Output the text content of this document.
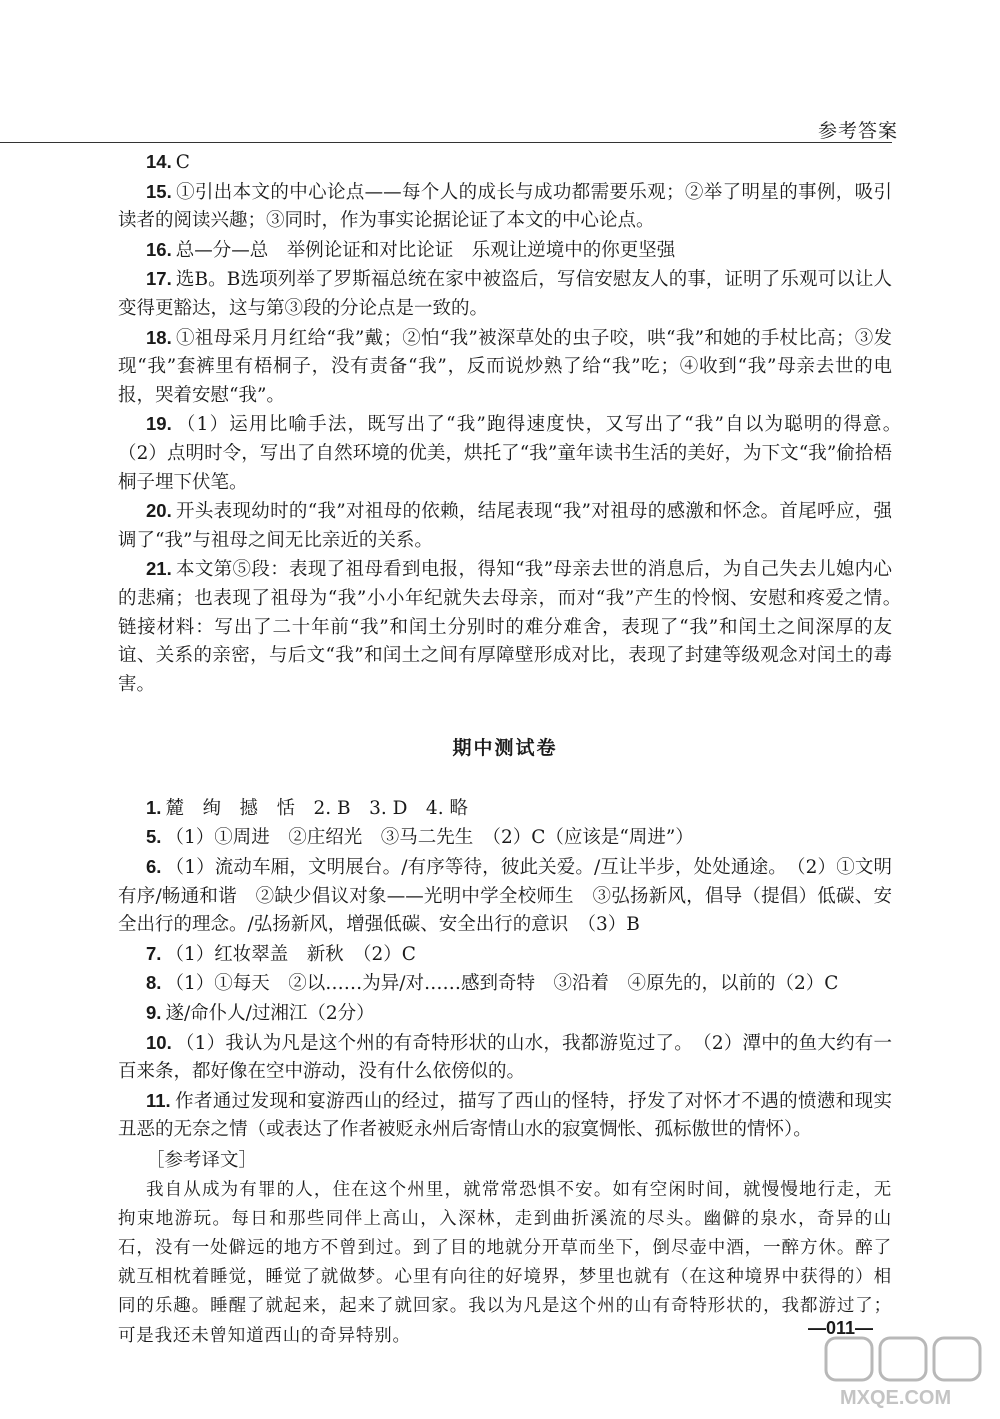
参考答案

14. C

15. ①引出本文的中心论点——每个人的成长与成功都需要乐观；②举了明星的事例，吸引读者的阅读兴趣；③同时，作为事实论据论证了本文的中心论点。

16. 总—分—总　举例论证和对比论证　乐观让逆境中的你更坚强

17. 选B。B选项列举了罗斯福总统在家中被盗后，写信安慰友人的事，证明了乐观可以让人变得更豁达，这与第③段的分论点是一致的。

18. ①祖母采月月红给“我”戴；②怕“我”被深草处的虫子咬，哄“我”和她的手杖比高；③发现“我”套裤里有梧桐子，没有责备“我”，反而说炒熟了给“我”吃；④收到“我”母亲去世的电报，哭着安慰“我”。

19. （1）运用比喻手法，既写出了“我”跑得速度快，又写出了“我”自以为聪明的得意。　（2）点明时令，写出了自然环境的优美，烘托了“我”童年读书生活的美好，为下文“我”偷拾梧桐子埋下伏笔。

20. 开头表现幼时的“我”对祖母的依赖，结尾表现“我”对祖母的感激和怀念。首尾呼应，强调了“我”与祖母之间无比亲近的关系。

21. 本文第⑤段：表现了祖母看到电报，得知“我”母亲去世的消息后，为自己失去儿媳内心的悲痛；也表现了祖母为“我”小小年纪就失去母亲，而对“我”产生的怜悯、安慰和疼爱之情。　链接材料：写出了二十年前“我”和闰土分别时的难分难舍，表现了“我”和闰土之间深厚的友谊、关系的亲密，与后文“我”和闰土之间有厚障壁形成对比，表现了封建等级观念对闰土的毒害。

期中测试卷

1. 麓　绚　撼　恬　2. B　3. D　4. 略

5. （1）①周进　②庄绍光　③马二先生　（2）C（应该是“周进”）

6. （1）流动车厢，文明展台。/有序等待，彼此关爱。/互让半步，处处通途。　（2）①文明有序/畅通和谐　②缺少倡议对象——光明中学全校师生　③弘扬新风，倡导（提倡）低碳、安全出行的理念。/弘扬新风，增强低碳、安全出行的意识　（3）B

7. （1）红妆翠盖　新秋　（2）C

8. （1）①每天　②以……为异/对……感到奇特　③沿着　④原先的，以前的（2）C

9. 遂/命仆人/过湘江（2分）

10. （1）我认为凡是这个州的有奇特形状的山水，我都游览过了。　（2）潭中的鱼大约有一百来条，都好像在空中游动，没有什么依傍似的。

11. 作者通过发现和宴游西山的经过，描写了西山的怪特，抒发了对怀才不遇的愤懑和现实丑恶的无奈之情（或表达了作者被贬永州后寄情山水的寂寞惆怅、孤标傲世的情怀）。

［参考译文］

我自从成为有罪的人，住在这个州里，就常常恐惧不安。如有空闲时间，就慢慢地行走，无拘束地游玩。每日和那些同伴上高山，入深林，走到曲折溪流的尽头。幽僻的泉水，奇异的山石，没有一处僻远的地方不曾到过。到了目的地就分开草而坐下，倒尽壶中酒，一醉方休。醉了就互相枕着睡觉，睡觉了就做梦。心里有向往的好境界，梦里也就有（在这种境界中获得的）相同的乐趣。睡醒了就起来，起来了就回家。我以为凡是这个州的山有奇特形状的，我都游过了；可是我还未曾知道西山的奇异特别。	—011—
MXQE.COM
